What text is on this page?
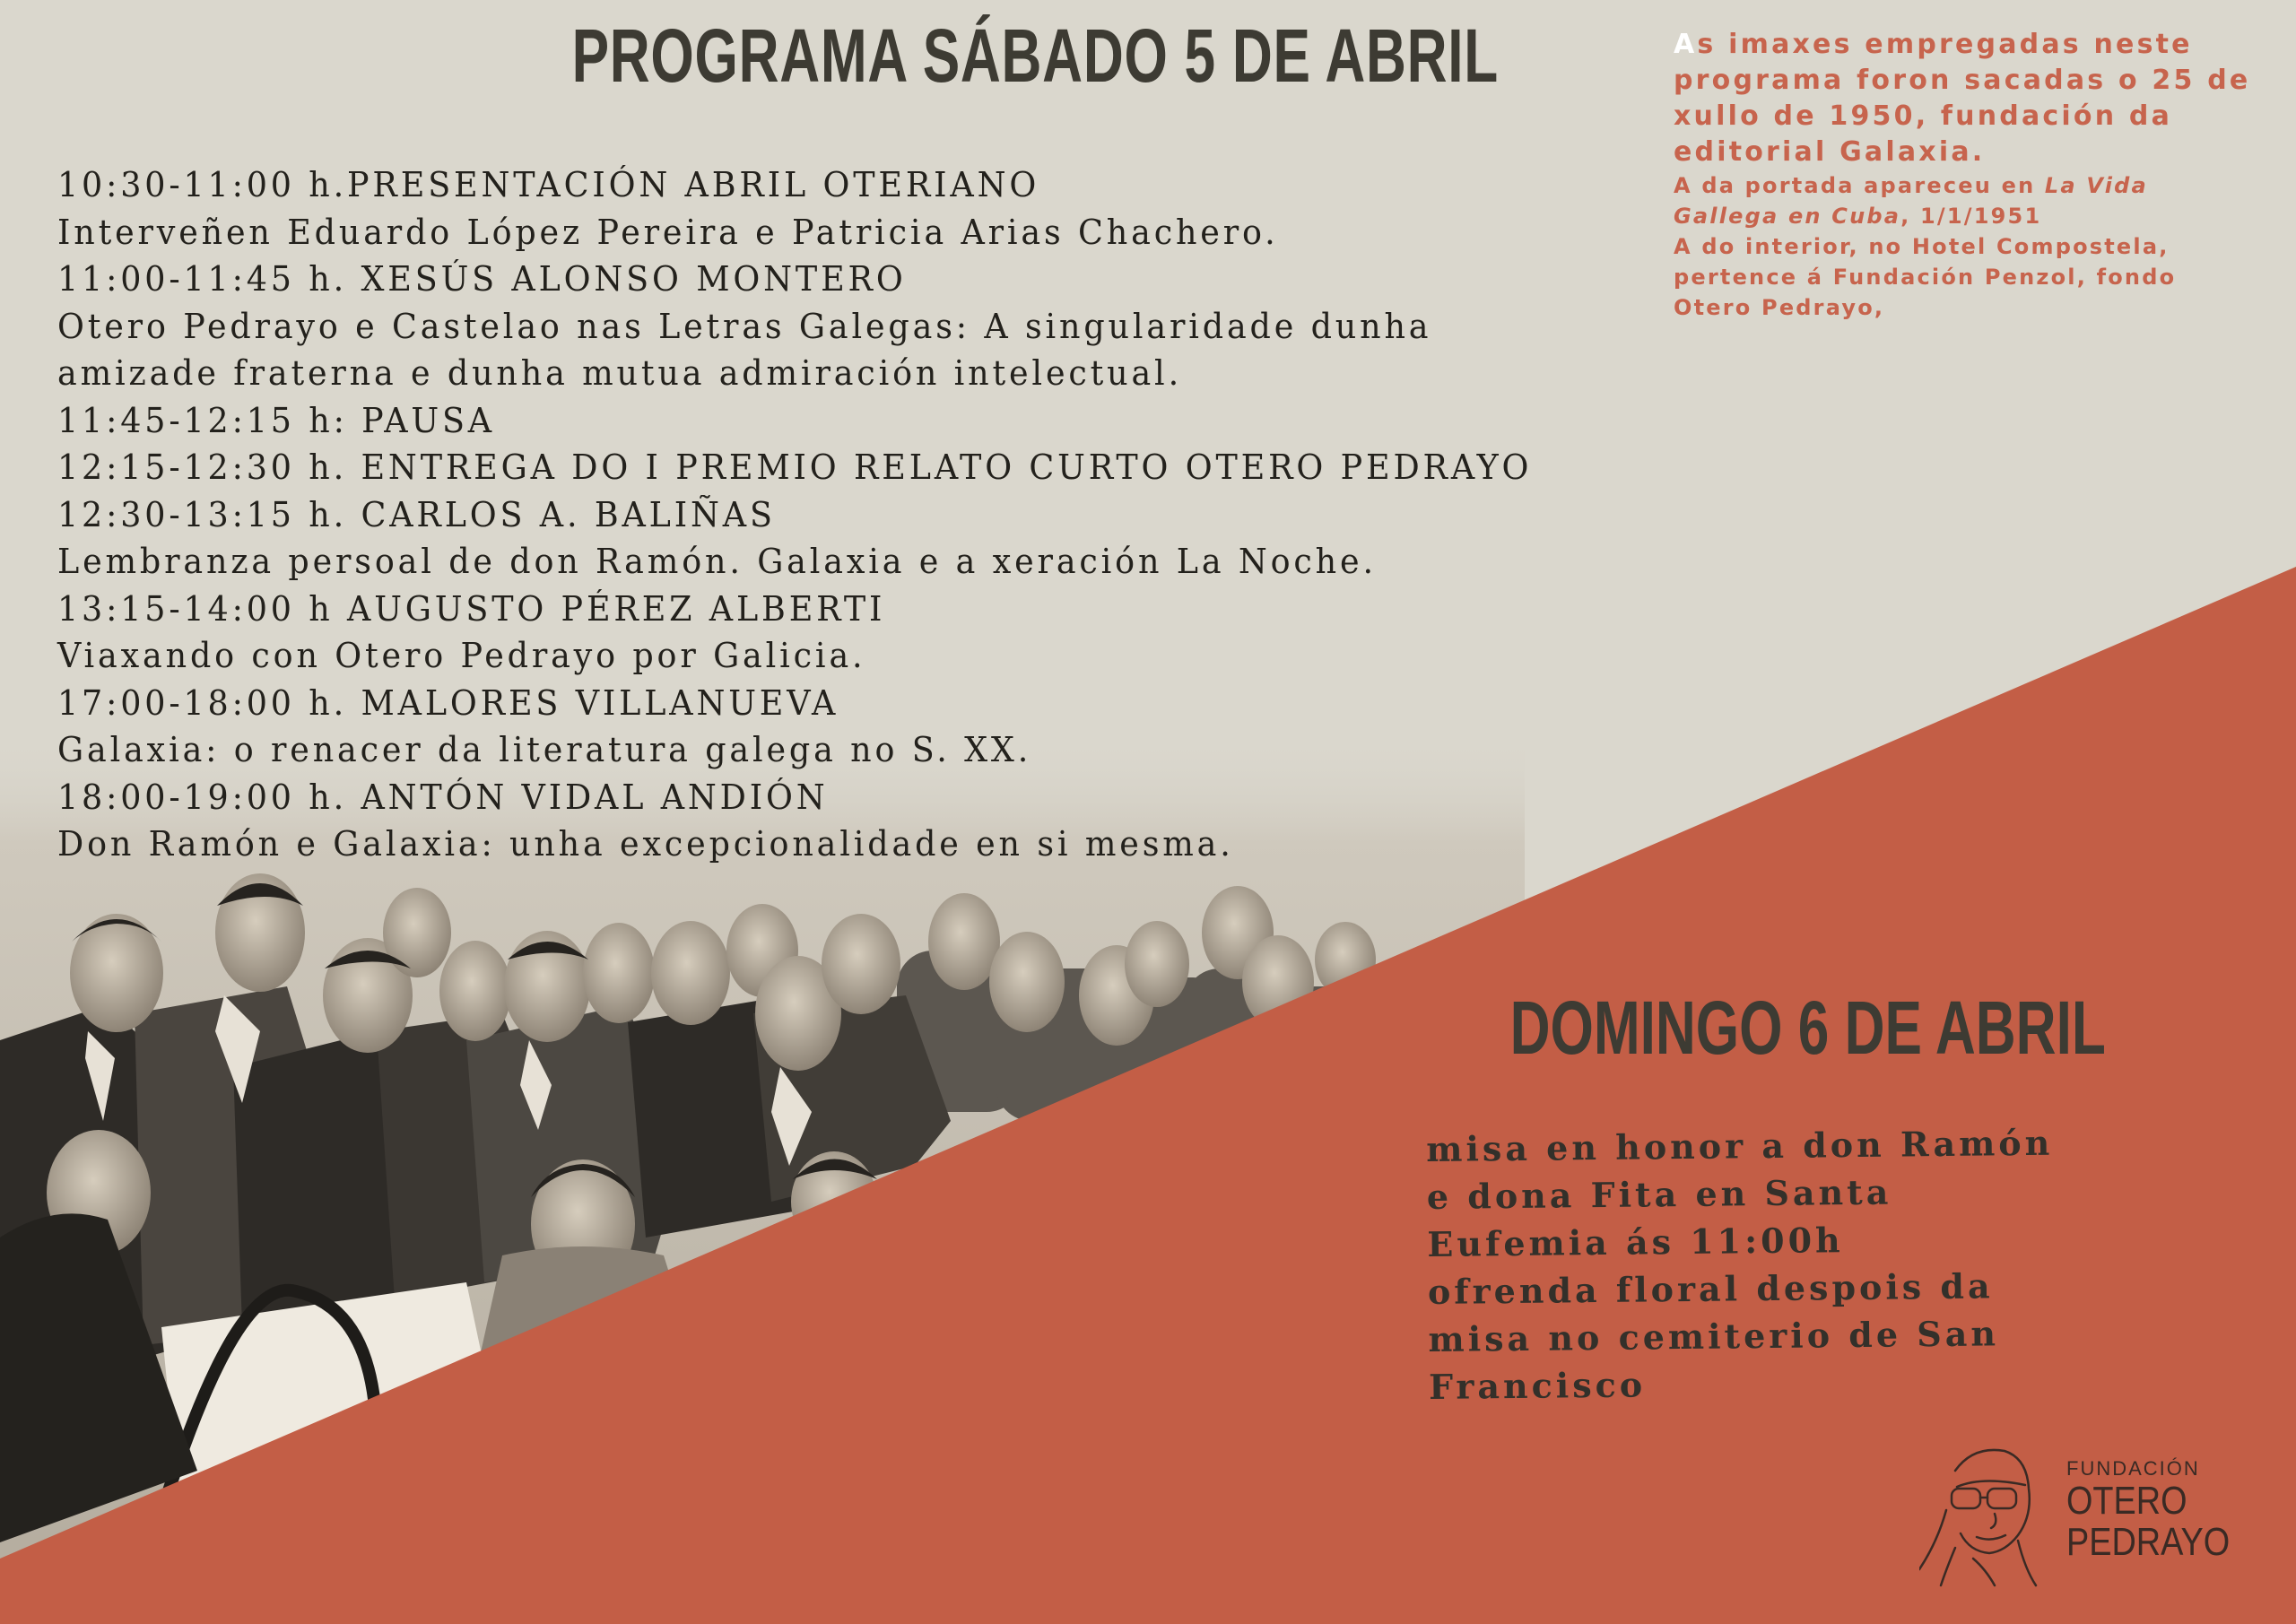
PROGRAMA SÁBADO 5 DE ABRIL
10:30-11:00 h.PRESENTACIÓN ABRIL OTERIANO
Interveñen Eduardo López Pereira e Patricia Arias Chachero.
11:00-11:45 h. XESÚS ALONSO MONTERO
Otero Pedrayo e Castelao nas Letras Galegas: A singularidade dunha
amizade fraterna e dunha mutua admiración intelectual.
11:45-12:15 h: PAUSA
12:15-12:30 h. ENTREGA DO I PREMIO RELATO CURTO OTERO PEDRAYO
12:30-13:15 h. CARLOS A. BALIÑAS
Lembranza persoal de don Ramón. Galaxia e a xeración La Noche.
13:15-14:00 h AUGUSTO PÉREZ ALBERTI
Viaxando con Otero Pedrayo por Galicia.
17:00-18:00 h. MALORES VILLANUEVA
Galaxia: o renacer da literatura galega no S. XX.
18:00-19:00 h. ANTÓN VIDAL ANDIÓN
Don Ramón e Galaxia: unha excepcionalidade en si mesma.
As imaxes empregadas neste
programa foron sacadas o 25 de
xullo de 1950, fundación da
editorial Galaxia.
A da portada apareceu en La Vida
Gallega en Cuba, 1/1/1951
A do interior, no Hotel Compostela,
pertence á Fundación Penzol, fondo
Otero Pedrayo,
DOMINGO 6 DE ABRIL
misa en honor a don Ramón
e dona Fita en Santa
Eufemia ás 11:00h
ofrenda floral despois da
misa no cemiterio de San
Francisco
FUNDACIÓN
OTERO
PEDRAYO
